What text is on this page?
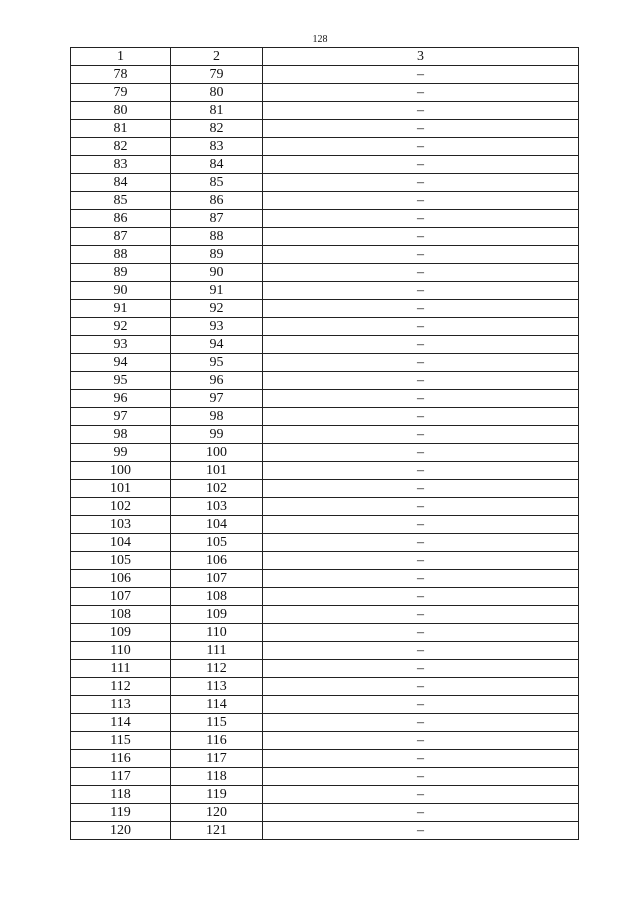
128
1	2	3
78	79	–
79	80	–
80	81	–
81	82	–
82	83	–
83	84	–
84	85	–
85	86	–
86	87	–
87	88	–
88	89	–
89	90	–
90	91	–
91	92	–
92	93	–
93	94	–
94	95	–
95	96	–
96	97	–
97	98	–
98	99	–
99	100	–
100	101	–
101	102	–
102	103	–
103	104	–
104	105	–
105	106	–
106	107	–
107	108	–
108	109	–
109	110	–
110	111	–
111	112	–
112	113	–
113	114	–
114	115	–
115	116	–
116	117	–
117	118	–
118	119	–
119	120	–
120	121	–
